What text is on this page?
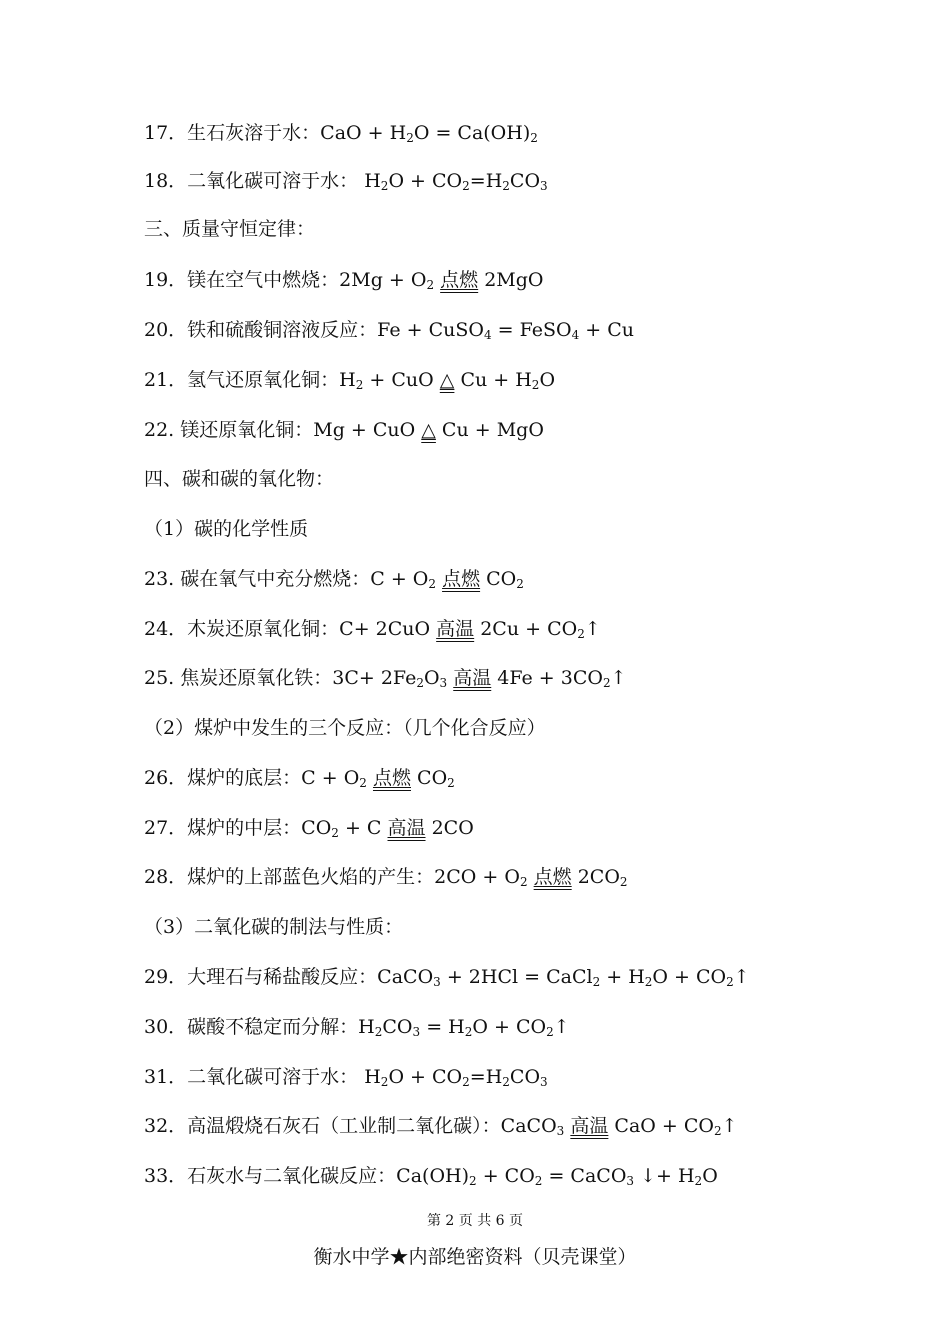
17．生石灰溶于水：CaO + $H_2O = Ca(OH)_2$
18．二氧化碳可溶于水： $H_2O + CO_2=H_2CO_3$
三、质量守恒定律：
19．镁在空气中燃烧：$2Mg + O_2$ 点燃 2MgO
20．铁和硫酸铜溶液反应：Fe + CuSO$_4$ = FeSO$_4$ + Cu
21．氢气还原氧化铜：$H_2$ + CuO △ $Cu + H_2O$
22. 镁还原氧化铜：Mg + CuO △ Cu + MgO
四、碳和碳的氧化物：
（1）碳的化学性质
23. 碳在氧气中充分燃烧：$C + O_2$ 点燃 $CO_2$
24．木炭还原氧化铜：C+ 2CuO 高温 $2Cu + CO_2↑$
25. 焦炭还原氧化铁：$3C+ 2Fe_2O_3$ 高温 $4Fe + 3CO_2↑$
（2）煤炉中发生的三个反应：（几个化合反应）
26．煤炉的底层：$C + O_2$ 点燃 $CO_2$
27．煤炉的中层：$CO_2 + C$ 高温 2CO
28．煤炉的上部蓝色火焰的产生：$2CO + O_2$ 点燃 $2CO_2$
（3）二氧化碳的制法与性质：
29．大理石与稀盐酸反应：CaCO$_3$ + 2HCl = CaCl$_2$ + $H_2O$ + $CO_2↑$
30．碳酸不稳定而分解：$H_2CO_3 = H_2O$ + $CO_2↑$
31．二氧化碳可溶于水： $H_2O + CO_2=H_2CO_3$
32．高温煅烧石灰石（工业制二氧化碳）：CaCO$_3$ 高温 CaO + $CO_2↑$
33．石灰水与二氧化碳反应：$Ca(OH)_2 + CO_2$ = CaCO$_3$ ↓+ $H_2O$
第 2 页 共 6 页
衡水中学★内部绝密资料（贝壳课堂）
